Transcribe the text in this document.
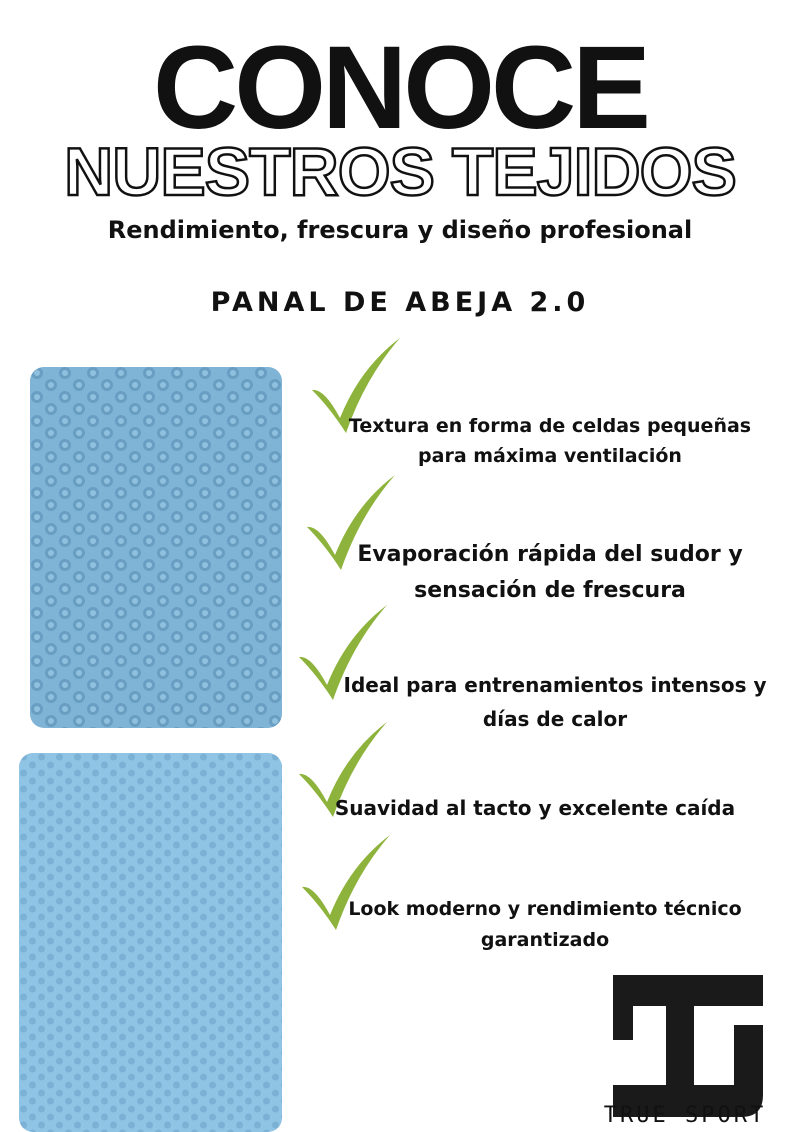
CONOCE
NUESTROS TEJIDOS
Rendimiento, frescura y diseño profesional
PANAL DE ABEJA 2.0
Textura en forma de celdas pequeñas
para máxima ventilación
Evaporación rápida del sudor y
sensación de frescura
Ideal para entrenamientos intensos y
días de calor
Suavidad al tacto y excelente caída
Look moderno y rendimiento técnico
garantizado
TRUE SPORT
